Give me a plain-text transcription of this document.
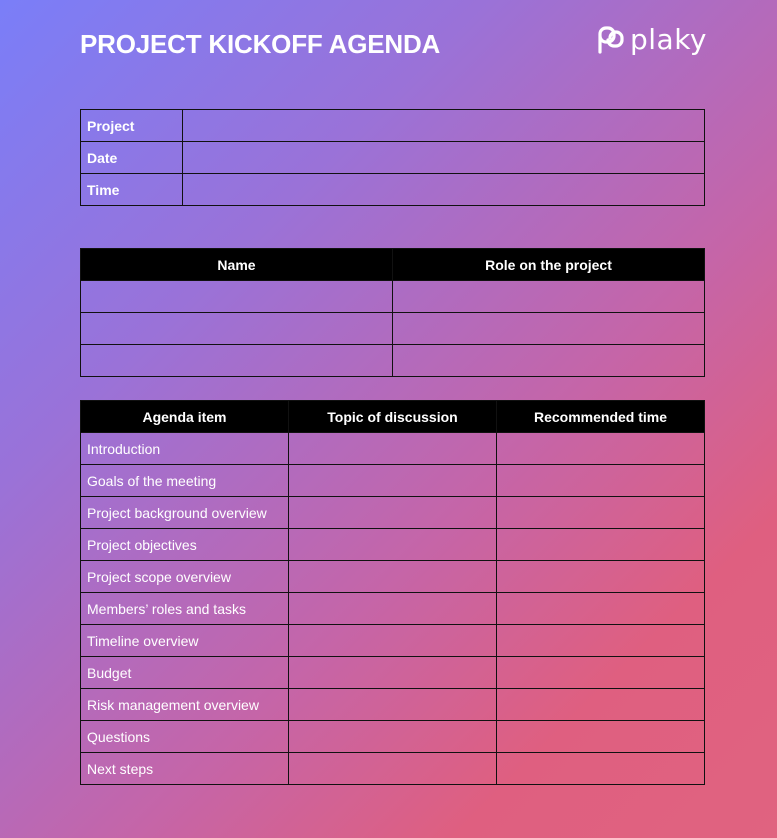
PROJECT KICKOFF AGENDA	plaky
Project	
Date	
Time	
Name	Role on the project

Agenda item	Topic of discussion	Recommended time
Introduction		
Goals of the meeting		
Project background overview		
Project objectives		
Project scope overview		
Members’ roles and tasks		
Timeline overview		
Budget		
Risk management overview		
Questions		
Next steps		
